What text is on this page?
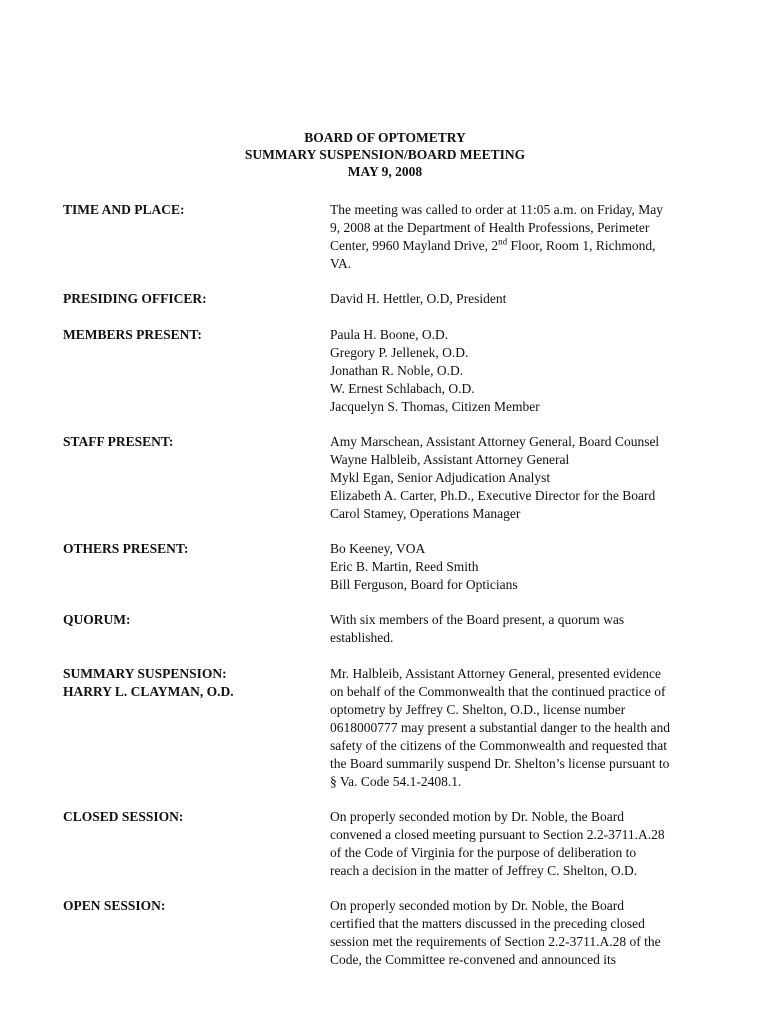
BOARD OF OPTOMETRY
SUMMARY SUSPENSION/BOARD MEETING
MAY 9, 2008
TIME AND PLACE:	The meeting was called to order at 11:05 a.m. on Friday, May
9, 2008 at the Department of Health Professions, Perimeter
Center, 9960 Mayland Drive, 2nd Floor, Room 1, Richmond,
VA.
PRESIDING OFFICER:	David H. Hettler, O.D, President
MEMBERS PRESENT:	Paula H. Boone, O.D.
Gregory P. Jellenek, O.D.
Jonathan R. Noble, O.D.
W. Ernest Schlabach, O.D.
Jacquelyn S. Thomas, Citizen Member
STAFF PRESENT:	Amy Marschean, Assistant Attorney General, Board Counsel
Wayne Halbleib, Assistant Attorney General
Mykl Egan, Senior Adjudication Analyst
Elizabeth A. Carter, Ph.D., Executive Director for the Board
Carol Stamey, Operations Manager
OTHERS PRESENT:	Bo Keeney, VOA
Eric B. Martin, Reed Smith
Bill Ferguson, Board for Opticians
QUORUM:	With six members of the Board present, a quorum was
established.
SUMMARY SUSPENSION:
HARRY L. CLAYMAN, O.D.
Mr. Halbleib, Assistant Attorney General, presented evidence
on behalf of the Commonwealth that the continued practice of
optometry by Jeffrey C. Shelton, O.D., license number
0618000777 may present a substantial danger to the health and
safety of the citizens of the Commonwealth and requested that
the Board summarily suspend Dr. Shelton’s license pursuant to
§ Va. Code 54.1-2408.1.
CLOSED SESSION:	On properly seconded motion by Dr. Noble, the Board
convened a closed meeting pursuant to Section 2.2-3711.A.28
of the Code of Virginia for the purpose of deliberation to
reach a decision in the matter of Jeffrey C. Shelton, O.D.
OPEN SESSION:	On properly seconded motion by Dr. Noble, the Board
certified that the matters discussed in the preceding closed
session met the requirements of Section 2.2-3711.A.28 of the
Code, the Committee re-convened and announced its
